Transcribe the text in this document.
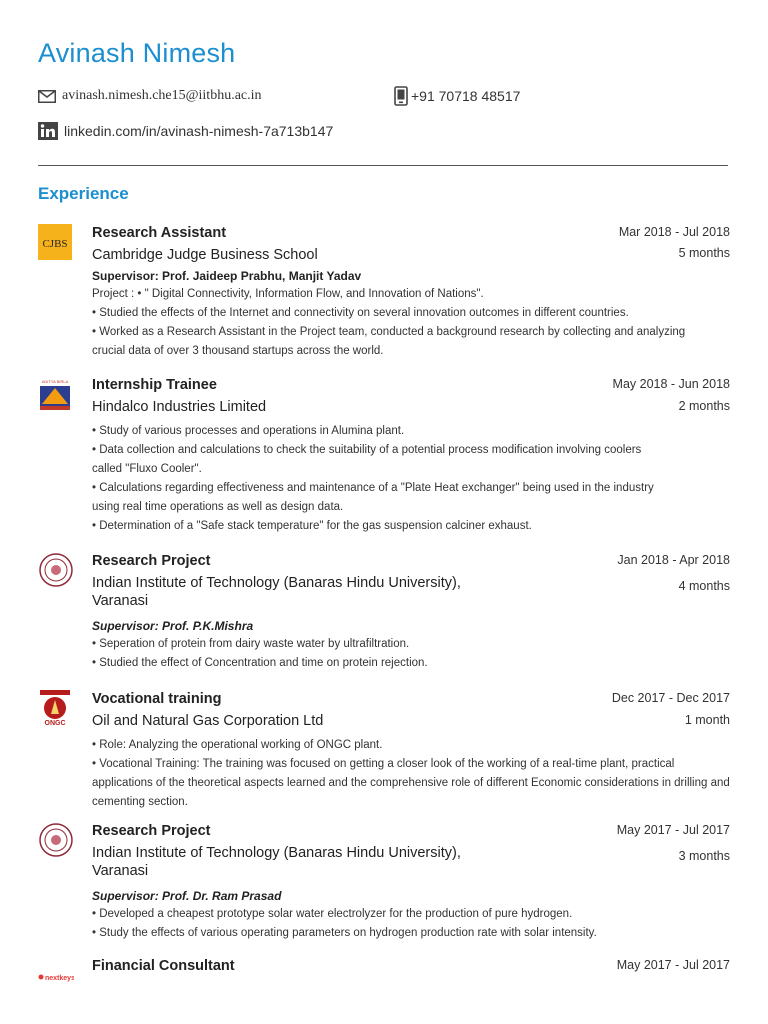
Avinash Nimesh
avinash.nimesh.che15@iitbhu.ac.in	+91 70718 48517
linkedin.com/in/avinash-nimesh-7a713b147
Experience
CJBS
Research Assistant
Cambridge Judge Business School
Supervisor: Prof. Jaideep Prabhu, Manjit Yadav
Project : • " Digital Connectivity, Information Flow, and Innovation of Nations".
• Studied the effects of the Internet and connectivity on several innovation outcomes in different countries.
• Worked as a Research Assistant in the Project team, conducted a background research by collecting and analyzing crucial data of over 3 thousand startups across the world.
Mar 2018 - Jul 2018
5 months
ADITYA BIRLA Internship Trainee
Hindalco Industries Limited
• Study of various processes and operations in Alumina plant.
• Data collection and calculations to check the suitability of a potential process modification involving coolers called "Fluxo Cooler".
• Calculations regarding effectiveness and maintenance of a "Plate Heat exchanger" being used in the industry using real time operations as well as design data.
• Determination of a "Safe stack temperature" for the gas suspension calciner exhaust.
May 2018 - Jun 2018
2 months
Research Project
Indian Institute of Technology (Banaras Hindu University), Varanasi
Supervisor: Prof. P.K.Mishra
• Seperation of protein from dairy waste water by ultrafiltration.
• Studied the effect of Concentration and time on protein rejection.
Jan 2018 - Apr 2018
4 months
ONGC
Vocational training
Oil and Natural Gas Corporation Ltd
• Role: Analyzing the operational working of ONGC plant.
• Vocational Training: The training was focused on getting a closer look of the working of a real-time plant, practical applications of the theoretical aspects learned and the comprehensive role of different Economic considerations in drilling and cementing section.
Dec 2017 - Dec 2017
1 month
Research Project
Indian Institute of Technology (Banaras Hindu University), Varanasi
Supervisor: Prof. Dr. Ram Prasad
• Developed a cheapest prototype solar water electrolyzer for the production of pure hydrogen.
• Study the effects of various operating parameters on hydrogen production rate with solar intensity.
May 2017 - Jul 2017
3 months
nextkeys
Financial Consultant	May 2017 - Jul 2017
